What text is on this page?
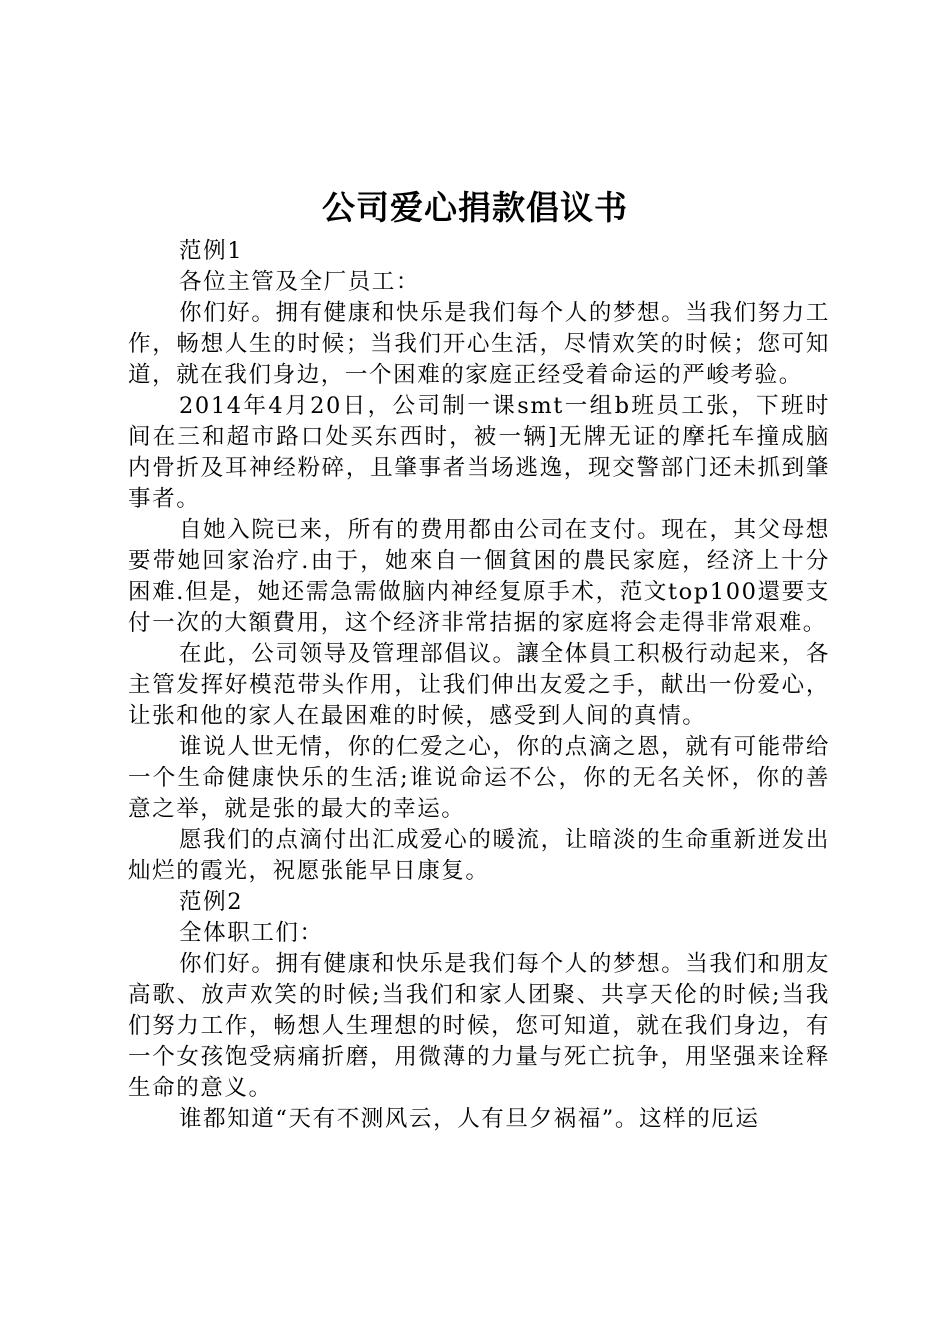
公司爱心捐款倡议书

范例1

各位主管及全厂员工：

你们好。拥有健康和快乐是我们每个人的梦想。当我们努力工作，畅想人生的时候；当我们开心生活，尽情欢笑的时候；您可知道，就在我们身边，一个困难的家庭正经受着命运的严峻考验。

2014年4月20日，公司制一课smt一组b班员工张，下班时间在三和超市路口处买东西时，被一辆]无牌无证的摩托车撞成脑内骨折及耳神经粉碎，且肇事者当场逃逸，现交警部门还未抓到肇事者。

自她入院已来，所有的费用都由公司在支付。现在，其父母想要带她回家治疗.由于，她來自一個貧困的農民家庭，经济上十分困难.但是，她还需急需做脑内神经复原手术，范文top100還要支付一次的大額費用，这个经济非常拮据的家庭将会走得非常艰难。

在此，公司领导及管理部倡议。讓全体員工积极行动起来，各主管发挥好模范带头作用，让我们伸出友爱之手，献出一份爱心，让张和他的家人在最困难的时候，感受到人间的真情。

谁说人世无情，你的仁爱之心，你的点滴之恩，就有可能带给一个生命健康快乐的生活;谁说命运不公，你的无名关怀，你的善意之举，就是张的最大的幸运。

愿我们的点滴付出汇成爱心的暖流，让暗淡的生命重新迸发出灿烂的霞光，祝愿张能早日康复。

范例2

全体职工们：

你们好。拥有健康和快乐是我们每个人的梦想。当我们和朋友高歌、放声欢笑的时候;当我们和家人团聚、共享天伦的时候;当我们努力工作，畅想人生理想的时候，您可知道，就在我们身边，有一个女孩饱受病痛折磨，用微薄的力量与死亡抗争，用坚强来诠释生命的意义。

谁都知道“天有不测风云，人有旦夕祸福”。这样的厄运
